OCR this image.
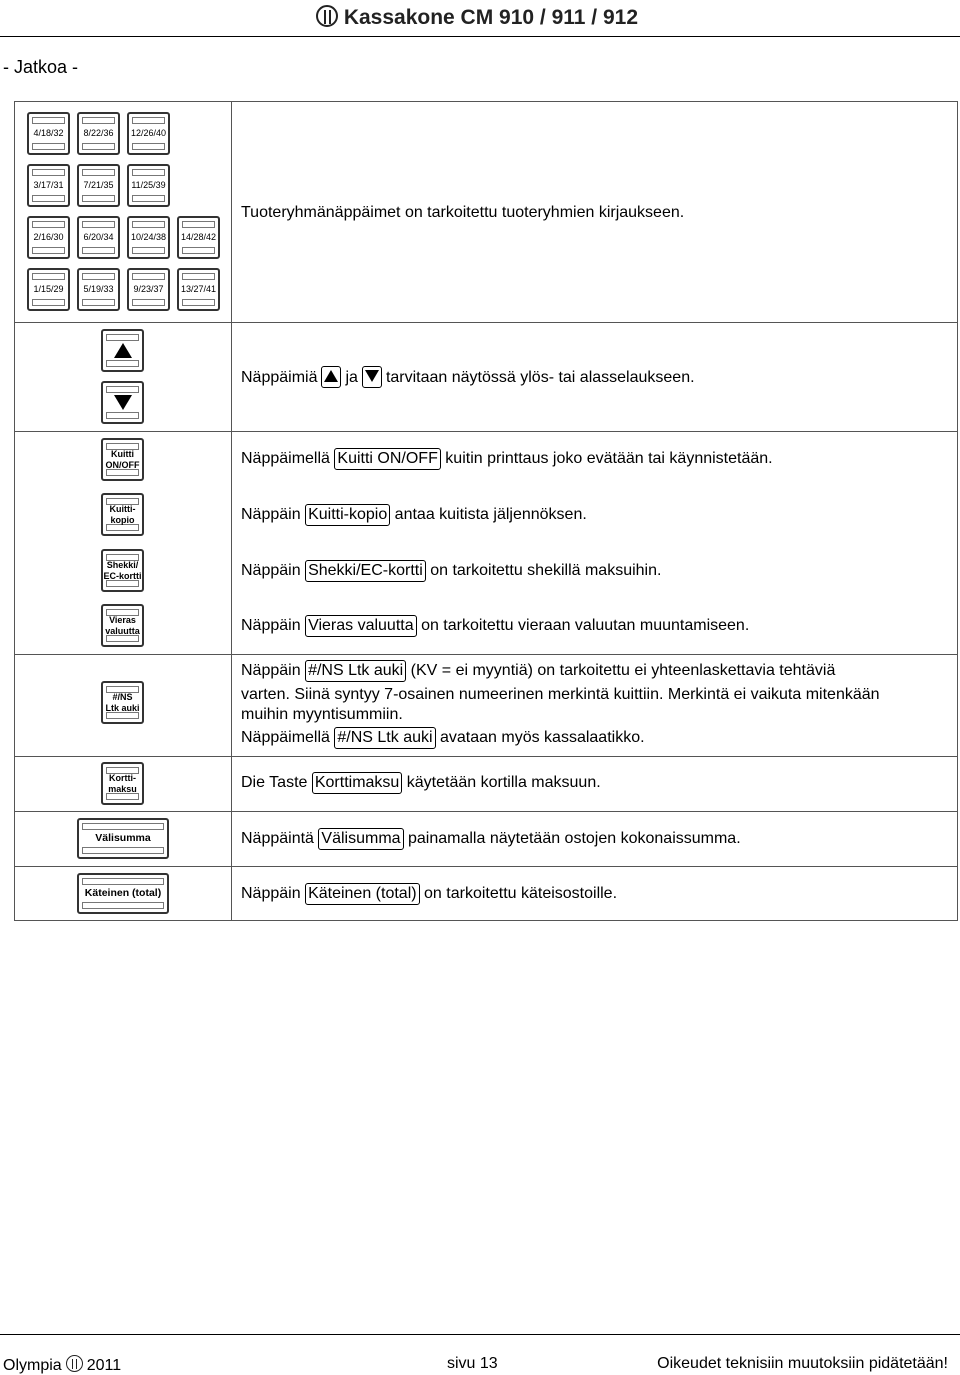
Kassakone CM 910 / 911 / 912
- Jatkoa -
4/18/32 8/22/36 12/26/40
3/17/31 7/21/35 11/25/39
2/16/30 6/20/34 10/24/38 14/28/42
1/15/29 5/19/33 9/23/37 13/27/41
Kuitti
ON/OFF
Kuitti-
kopio
Shekki/
EC-kortti
Vieras
valuutta
#/NS
Ltk auki
Kortti-
maksu
Välisumma
Käteinen (total)
Tuoteryhmänäppäimet on tarkoitettu tuoteryhmien kirjaukseen.
Näppäimiä ja tarvitaan näytössä ylös- tai alasselaukseen.
Näppäimellä Kuitti ON/OFF kuitin printtaus joko evätään tai käynnistetään.
Näppäin Kuitti-kopio antaa kuitista jäljennöksen.
Näppäin Shekki/EC-kortti on tarkoitettu shekillä maksuihin.
Näppäin Vieras valuutta on tarkoitettu vieraan valuutan muuntamiseen.
Näppäin #/NS Ltk auki (KV = ei myyntiä) on tarkoitettu ei yhteenlaskettavia tehtäviä
varten. Siinä syntyy 7-osainen numeerinen merkintä kuittiin. Merkintä ei vaikuta mitenkään
muihin myyntisummiin.
Näppäimellä #/NS Ltk auki avataan myös kassalaatikko.
Die Taste Korttimaksu käytetään kortilla maksuun.
Näppäintä Välisumma painamalla näytetään ostojen kokonaissumma.
Näppäin Käteinen (total) on tarkoitettu käteisostoille.
Olympia 2011	sivu 13	Oikeudet teknisiin muutoksiin pidätetään!
